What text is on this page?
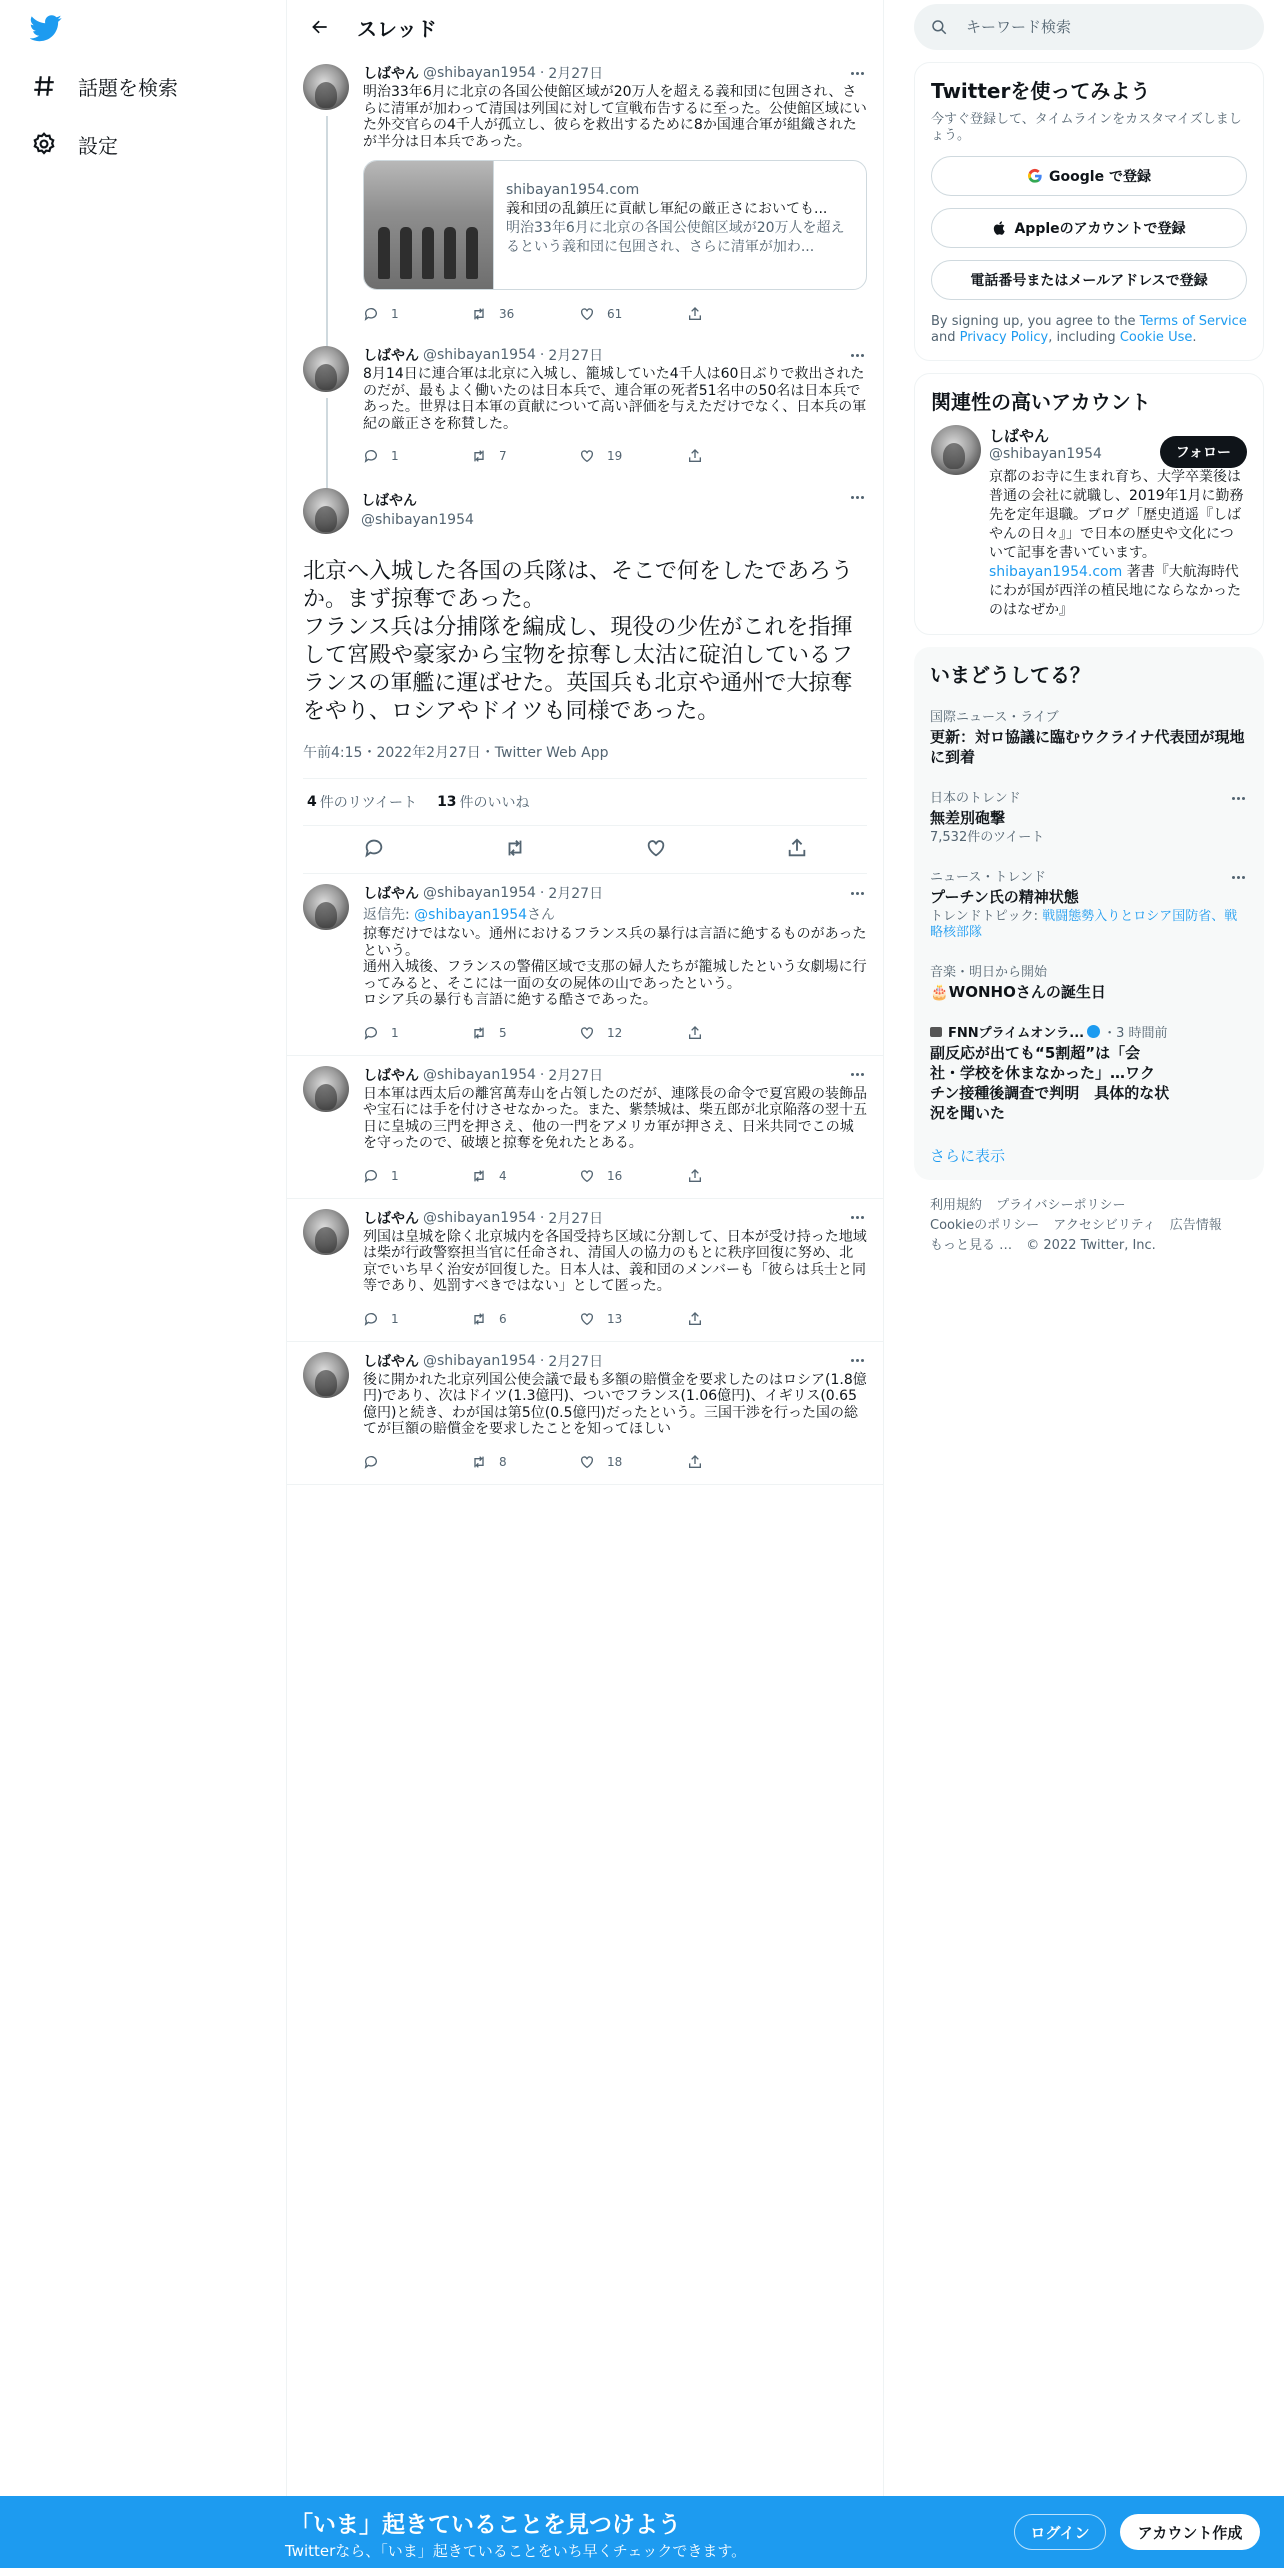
話題を検索
設定
スレッド
しばやん @shibayan1954 · 2月27日
明治33年6月に北京の各国公使館区域が20万人を超える義和団に包囲され、さらに清軍が加わって清国は列国に対して宣戦布告するに至った。公使館区域にいた外交官らの4千人が孤立し、彼らを救出するために8か国連合軍が組織されたが半分は日本兵であった。
shibayan1954.com
義和団の乱鎮圧に貢献し軍紀の厳正さにおいても...
明治33年6月に北京の各国公使館区域が20万人を超えるという義和団に包囲され、さらに清軍が加わ...
1	36	61
しばやん @shibayan1954 · 2月27日
8月14日に連合軍は北京に入城し、籠城していた4千人は60日ぶりで救出されたのだが、最もよく働いたのは日本兵で、連合軍の死者51名中の50名は日本兵であった。世界は日本軍の貢献について高い評価を与えただけでなく、日本兵の軍紀の厳正さを称賛した。
1	7	19
しばやん
@shibayan1954
北京へ入城した各国の兵隊は、そこで何をしたであろうか。まず掠奪であった。
フランス兵は分捕隊を編成し、現役の少佐がこれを指揮して宮殿や豪家から宝物を掠奪し太沽に碇泊しているフランスの軍艦に運ばせた。英国兵も北京や通州で大掠奪をやり、ロシアやドイツも同様であった。
午前4:15・2022年2月27日・Twitter Web App
4 件のリツイート 13 件のいいね
しばやん @shibayan1954 · 2月27日
返信先: @shibayan1954さん
掠奪だけではない。通州におけるフランス兵の暴行は言語に絶するものがあったという。
通州入城後、フランスの警備区域で支那の婦人たちが籠城したという女劇場に行ってみると、そこには一面の女の屍体の山であったという。
ロシア兵の暴行も言語に絶する酷さであった。
1	5	12
しばやん @shibayan1954 · 2月27日
日本軍は西太后の離宮萬寿山を占領したのだが、連隊長の命令で夏宮殿の装飾品や宝石には手を付けさせなかった。また、紫禁城は、柴五郎が北京陥落の翌十五日に皇城の三門を押さえ、他の一門をアメリカ軍が押さえ、日米共同でこの城を守ったので、破壊と掠奪を免れたとある。
1	4	16
しばやん @shibayan1954 · 2月27日
列国は皇城を除く北京城内を各国受持ち区域に分割して、日本が受け持った地域は柴が行政警察担当官に任命され、清国人の協力のもとに秩序回復に努め、北京でいち早く治安が回復した。日本人は、義和団のメンバーも「彼らは兵士と同等であり、処罰すべきではない」として匿った。
1	6	13
しばやん @shibayan1954 · 2月27日
後に開かれた北京列国公使会議で最も多額の賠償金を要求したのはロシア(1.8億円)であり、次はドイツ(1.3億円)、ついでフランス(1.06億円)、イギリス(0.65億円)と続き、わが国は第5位(0.5億円)だったという。三国干渉を行った国の総てが巨額の賠償金を要求したことを知ってほしい
8	18
キーワード検索
Twitterを使ってみよう
今すぐ登録して、タイムラインをカスタマイズしましょう。
Google で登録
Appleのアカウントで登録
電話番号またはメールアドレスで登録
By signing up, you agree to the Terms of Service and Privacy Policy, including Cookie Use.
関連性の高いアカウント
しばやん
@shibayan1954
京都のお寺に生まれ育ち、大学卒業後は普通の会社に就職し、2019年1月に勤務先を定年退職。ブログ「歴史逍遥『しばやんの日々』」で日本の歴史や文化について記事を書いています。shibayan1954.com 著書『大航海時代にわが国が西洋の植民地にならなかったのはなぜか』
フォロー
いまどうしてる？
国際ニュース・ライブ
更新：対ロ協議に臨むウクライナ代表団が現地に到着
日本のトレンド
無差別砲撃
7,532件のツイート
ニュース・トレンド
プーチン氏の精神状態
トレンドトピック: 戦闘態勢入りとロシア国防省、戦略核部隊
音楽・明日から開始
🎂WONHOさんの誕生日
FNNプライムオンラ... ・3 時間前
副反応が出ても“5割超”は「会社・学校を休まなかった」…ワクチン接種後調査で判明　具体的な状況を聞いた
さらに表示
利用規約 プライバシーポリシー
Cookieのポリシー アクセシビリティ 広告情報
もっと見る … © 2022 Twitter, Inc.
「いま」起きていることを見つけよう
Twitterなら、「いま」起きていることをいち早くチェックできます。
ログイン	アカウント作成
